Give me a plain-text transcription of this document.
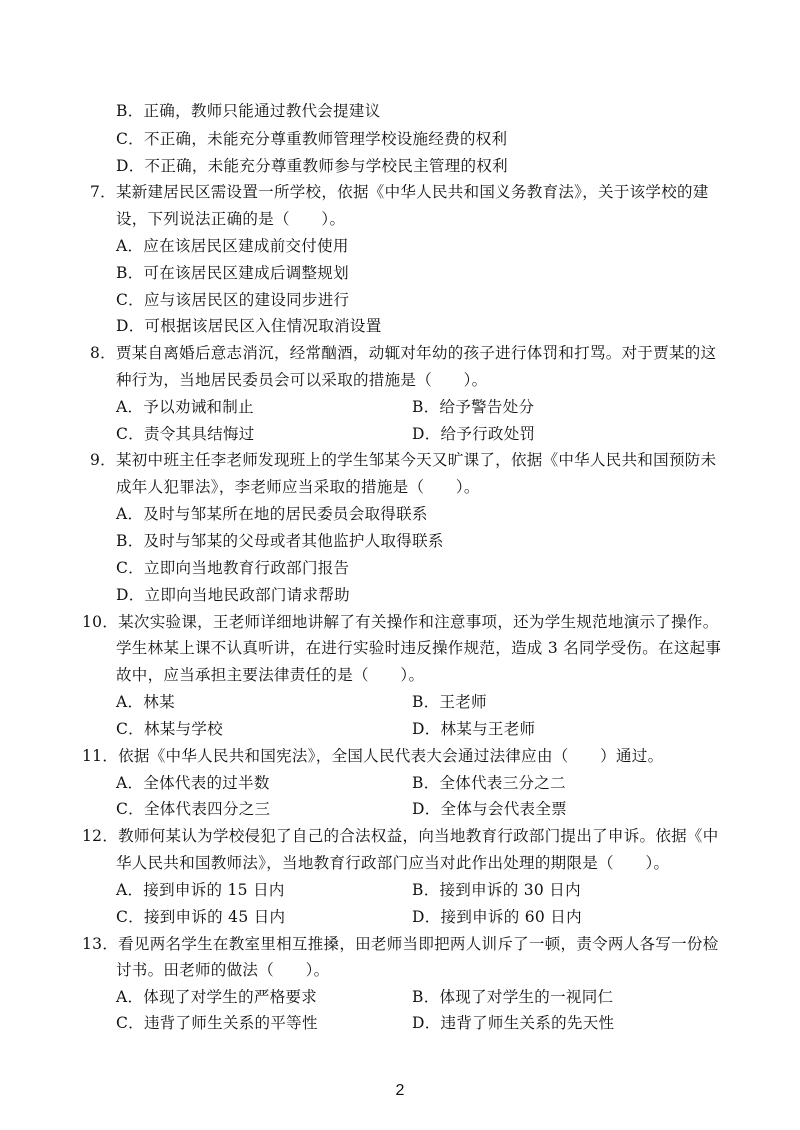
B．正确，教师只能通过教代会提建议
C．不正确，未能充分尊重教师管理学校设施经费的权利
D．不正确，未能充分尊重教师参与学校民主管理的权利
7．某新建居民区需设置一所学校，依据《中华人民共和国义务教育法》，关于该学校的建
设，下列说法正确的是（　　）。
A．应在该居民区建成前交付使用
B．可在该居民区建成后调整规划
C．应与该居民区的建设同步进行
D．可根据该居民区入住情况取消设置
8．贾某自离婚后意志消沉，经常酗酒，动辄对年幼的孩子进行体罚和打骂。对于贾某的这
种行为，当地居民委员会可以采取的措施是（　　）。
A．予以劝诫和制止	B．给予警告处分
C．责令其具结悔过	D．给予行政处罚
9．某初中班主任李老师发现班上的学生邹某今天又旷课了，依据《中华人民共和国预防未
成年人犯罪法》，李老师应当采取的措施是（　　）。
A．及时与邹某所在地的居民委员会取得联系
B．及时与邹某的父母或者其他监护人取得联系
C．立即向当地教育行政部门报告
D．立即向当地民政部门请求帮助
10．某次实验课，王老师详细地讲解了有关操作和注意事项，还为学生规范地演示了操作。
学生林某上课不认真听讲，在进行实验时违反操作规范，造成 3 名同学受伤。在这起事
故中，应当承担主要法律责任的是（　　）。
A．林某	B．王老师
C．林某与学校	D．林某与王老师
11．依据《中华人民共和国宪法》，全国人民代表大会通过法律应由（　　）通过。
A．全体代表的过半数	B．全体代表三分之二
C．全体代表四分之三	D．全体与会代表全票
12．教师何某认为学校侵犯了自己的合法权益，向当地教育行政部门提出了申诉。依据《中
华人民共和国教师法》，当地教育行政部门应当对此作出处理的期限是（　　）。
A．接到申诉的 15 日内	B．接到申诉的 30 日内
C．接到申诉的 45 日内	D．接到申诉的 60 日内
13．看见两名学生在教室里相互推搡，田老师当即把两人训斥了一顿，责令两人各写一份检
讨书。田老师的做法（　　）。
A．体现了对学生的严格要求	B．体现了对学生的一视同仁
C．违背了师生关系的平等性	D．违背了师生关系的先天性
2
